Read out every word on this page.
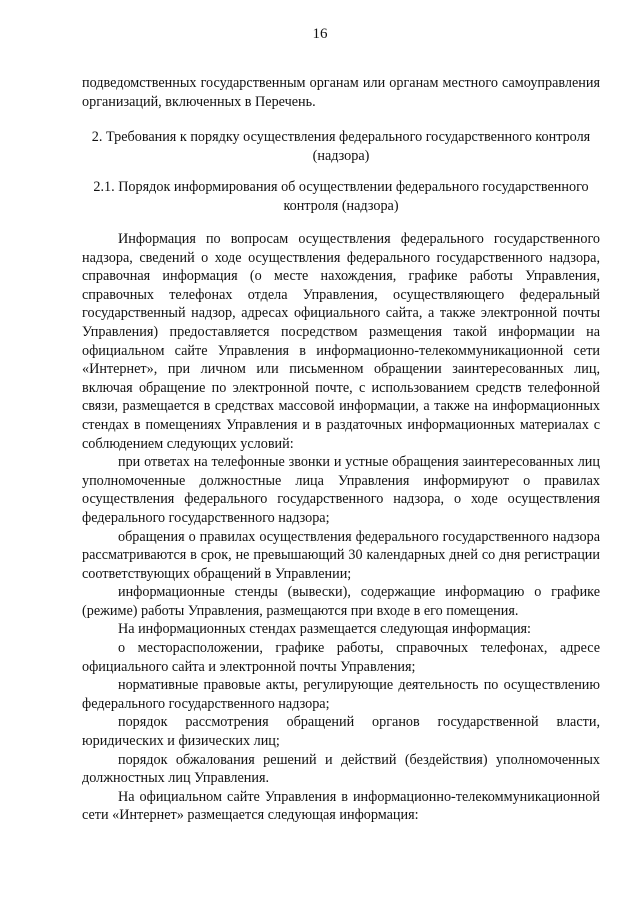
16

подведомственных государственным органам или органам местного самоуправления организаций, включенных в Перечень.

2. Требования к порядку осуществления федерального государственного контроля (надзора)

2.1. Порядок информирования об осуществлении федерального государственного контроля (надзора)

Информация по вопросам осуществления федерального государственного надзора, сведений о ходе осуществления федерального государственного надзора, справочная информация (о месте нахождения, графике работы Управления, справочных телефонах отдела Управления, осуществляющего федеральный государственный надзор, адресах официального сайта, а также электронной почты Управления) предоставляется посредством размещения такой информации на официальном сайте Управления в информационно-телекоммуникационной сети «Интернет», при личном или письменном обращении заинтересованных лиц, включая обращение по электронной почте, с использованием средств телефонной связи, размещается в средствах массовой информации, а также на информационных стендах в помещениях Управления и в раздаточных информационных материалах с соблюдением следующих условий:

при ответах на телефонные звонки и устные обращения заинтересованных лиц уполномоченные должностные лица Управления информируют о правилах осуществления федерального государственного надзора, о ходе осуществления федерального государственного надзора;

обращения о правилах осуществления федерального государственного надзора рассматриваются в срок, не превышающий 30 календарных дней со дня регистрации соответствующих обращений в Управлении;

информационные стенды (вывески), содержащие информацию о графике (режиме) работы Управления, размещаются при входе в его помещения.

На информационных стендах размещается следующая информация:

о месторасположении, графике работы, справочных телефонах, адресе официального сайта и электронной почты Управления;

нормативные правовые акты, регулирующие деятельность по осуществлению федерального государственного надзора;

порядок рассмотрения обращений органов государственной власти, юридических и физических лиц;

порядок обжалования решений и действий (бездействия) уполномоченных должностных лиц Управления.

На официальном сайте Управления в информационно-телекоммуникационной сети «Интернет» размещается следующая информация:
